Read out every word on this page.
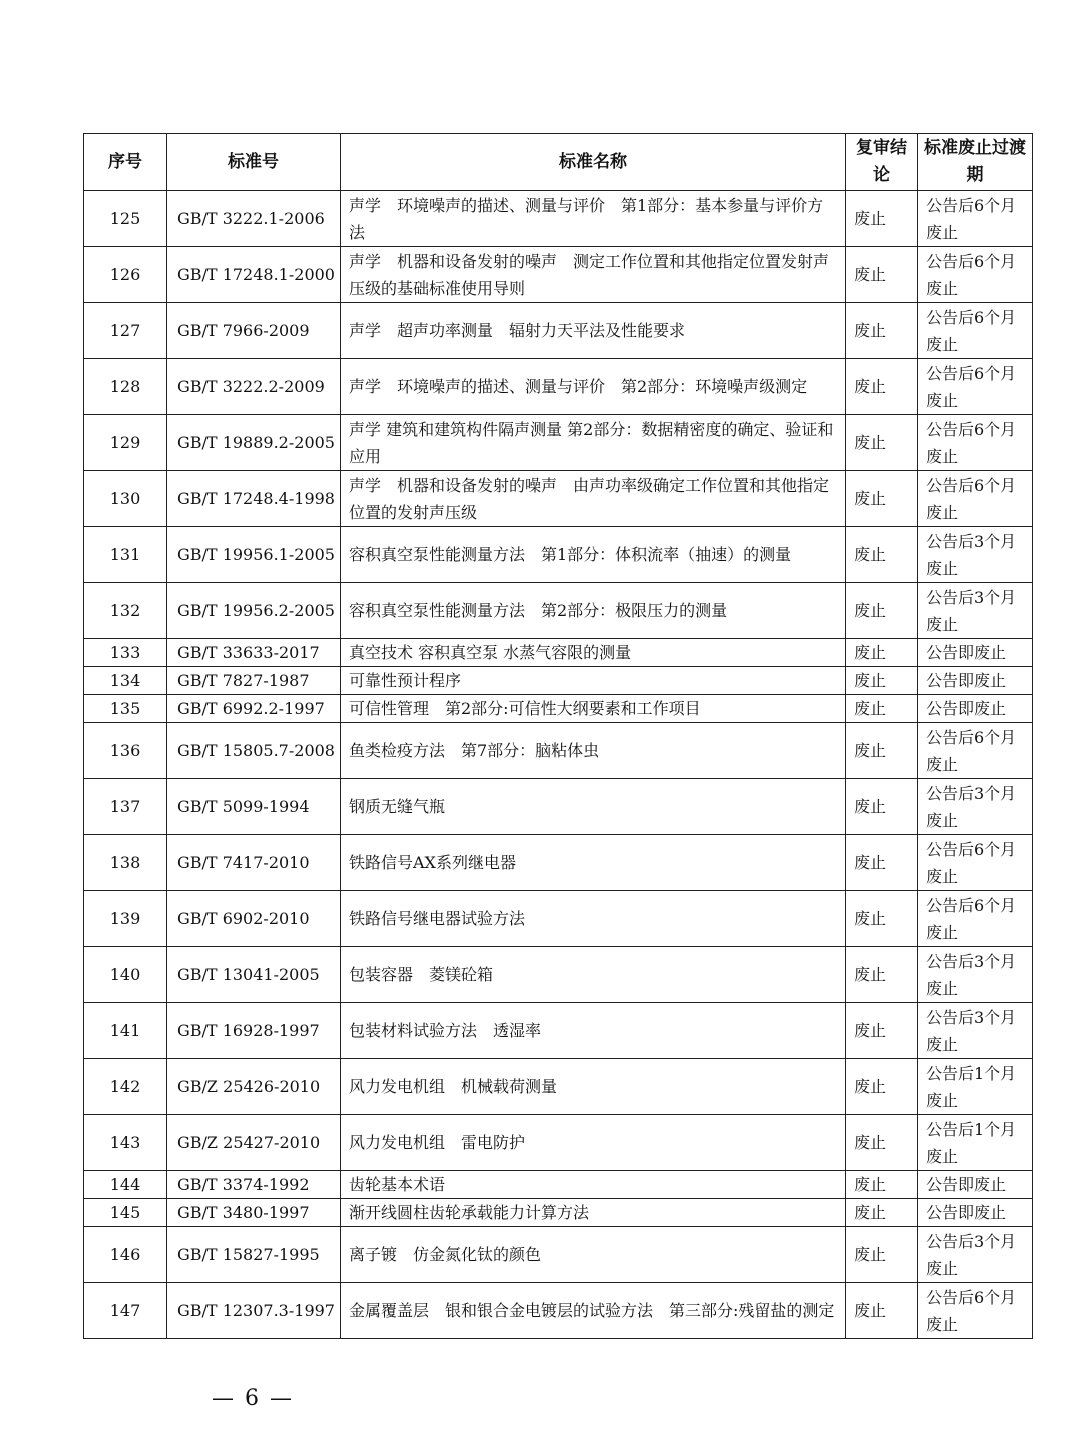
序号	标准号	标准名称	复审结论	标准废止过渡期
125	GB/T 3222.1-2006	声学　环境噪声的描述、测量与评价　第1部分：基本参量与评价方法	废止	公告后6个月废止
126	GB/T 17248.1-2000	声学　机器和设备发射的噪声　测定工作位置和其他指定位置发射声压级的基础标准使用导则	废止	公告后6个月废止
127	GB/T 7966-2009	声学　超声功率测量　辐射力天平法及性能要求	废止	公告后6个月废止
128	GB/T 3222.2-2009	声学　环境噪声的描述、测量与评价　第2部分：环境噪声级测定	废止	公告后6个月废止
129	GB/T 19889.2-2005	声学 建筑和建筑构件隔声测量 第2部分：数据精密度的确定、验证和应用	废止	公告后6个月废止
130	GB/T 17248.4-1998	声学　机器和设备发射的噪声　由声功率级确定工作位置和其他指定位置的发射声压级	废止	公告后6个月废止
131	GB/T 19956.1-2005	容积真空泵性能测量方法　第1部分：体积流率（抽速）的测量	废止	公告后3个月废止
132	GB/T 19956.2-2005	容积真空泵性能测量方法　第2部分：极限压力的测量	废止	公告后3个月废止
133	GB/T 33633-2017	真空技术 容积真空泵 水蒸气容限的测量	废止	公告即废止
134	GB/T 7827-1987	可靠性预计程序	废止	公告即废止
135	GB/T 6992.2-1997	可信性管理　第2部分:可信性大纲要素和工作项目	废止	公告即废止
136	GB/T 15805.7-2008	鱼类检疫方法　第7部分：脑粘体虫	废止	公告后6个月废止
137	GB/T 5099-1994	钢质无缝气瓶	废止	公告后3个月废止
138	GB/T 7417-2010	铁路信号AX系列继电器	废止	公告后6个月废止
139	GB/T 6902-2010	铁路信号继电器试验方法	废止	公告后6个月废止
140	GB/T 13041-2005	包装容器　菱镁砼箱	废止	公告后3个月废止
141	GB/T 16928-1997	包装材料试验方法　透湿率	废止	公告后3个月废止
142	GB/Z 25426-2010	风力发电机组　机械载荷测量	废止	公告后1个月废止
143	GB/Z 25427-2010	风力发电机组　雷电防护	废止	公告后1个月废止
144	GB/T 3374-1992	齿轮基本术语	废止	公告即废止
145	GB/T 3480-1997	渐开线圆柱齿轮承载能力计算方法	废止	公告即废止
146	GB/T 15827-1995	离子镀　仿金氮化钛的颜色	废止	公告后3个月废止
147	GB/T 12307.3-1997	金属覆盖层　银和银合金电镀层的试验方法　第三部分:残留盐的测定	废止	公告后6个月废止
— 6 —
